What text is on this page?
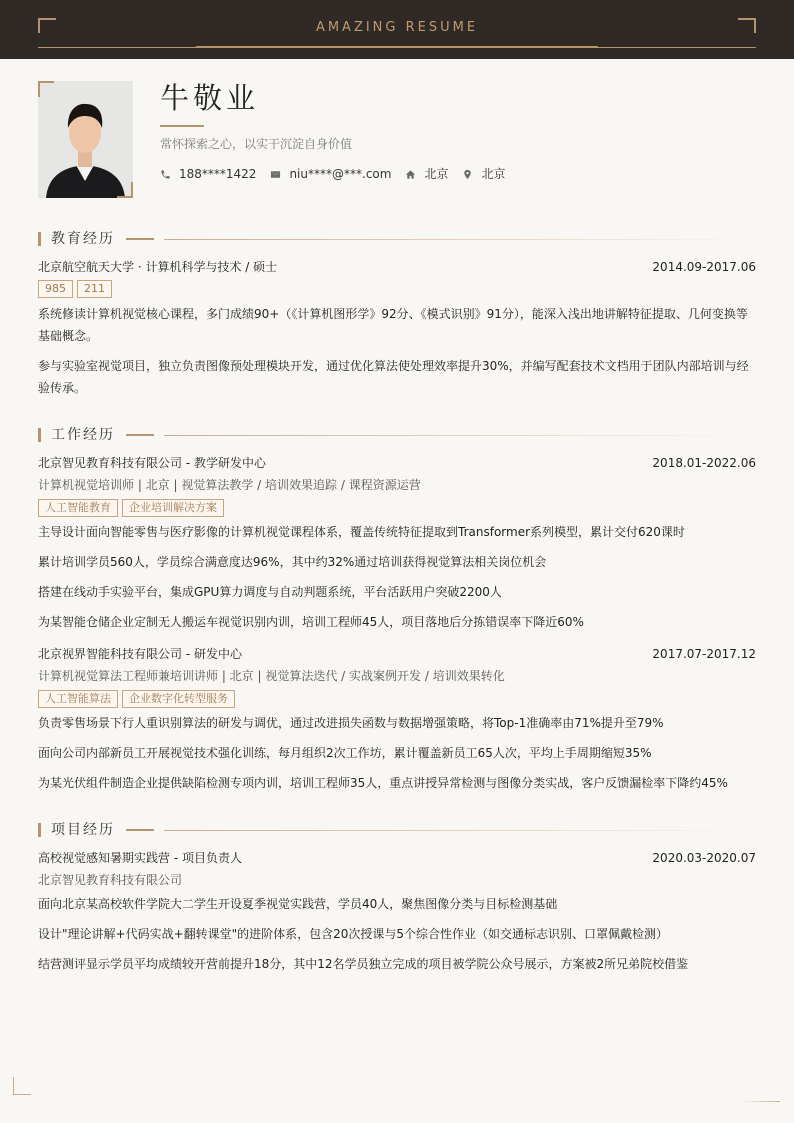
AMAZING RESUME
牛敬业
常怀探索之心，以实干沉淀自身价值
188****1422	niu****@***.com	北京	北京
教育经历
北京航空航天大学 · 计算机科学与技术 / 硕士	2014.09-2017.06
985	211
系统修读计算机视觉核心课程，多门成绩90+（《计算机图形学》92分、《模式识别》91分），能深入浅出地讲解特征提取、几何变换等基础概念。
参与实验室视觉项目，独立负责图像预处理模块开发，通过优化算法使处理效率提升30%，并编写配套技术文档用于团队内部培训与经验传承。
工作经历
北京智见教育科技有限公司 - 教学研发中心	2018.01-2022.06
计算机视觉培训师 | 北京 | 视觉算法教学 / 培训效果追踪 / 课程资源运营
人工智能教育	企业培训解决方案
主导设计面向智能零售与医疗影像的计算机视觉课程体系，覆盖传统特征提取到Transformer系列模型，累计交付620课时
累计培训学员560人，学员综合满意度达96%，其中约32%通过培训获得视觉算法相关岗位机会
搭建在线动手实验平台，集成GPU算力调度与自动判题系统，平台活跃用户突破2200人
为某智能仓储企业定制无人搬运车视觉识别内训，培训工程师45人，项目落地后分拣错误率下降近60%
北京视界智能科技有限公司 - 研发中心	2017.07-2017.12
计算机视觉算法工程师兼培训讲师 | 北京 | 视觉算法迭代 / 实战案例开发 / 培训效果转化
人工智能算法	企业数字化转型服务
负责零售场景下行人重识别算法的研发与调优，通过改进损失函数与数据增强策略，将Top-1准确率由71%提升至79%
面向公司内部新员工开展视觉技术强化训练，每月组织2次工作坊，累计覆盖新员工65人次，平均上手周期缩短35%
为某光伏组件制造企业提供缺陷检测专项内训，培训工程师35人，重点讲授异常检测与图像分类实战，客户反馈漏检率下降约45%
项目经历
高校视觉感知暑期实践营 - 项目负责人	2020.03-2020.07
北京智见教育科技有限公司
面向北京某高校软件学院大二学生开设夏季视觉实践营，学员40人，聚焦图像分类与目标检测基础
设计"理论讲解+代码实战+翻转课堂"的进阶体系，包含20次授课与5个综合性作业（如交通标志识别、口罩佩戴检测）
结营测评显示学员平均成绩较开营前提升18分，其中12名学员独立完成的项目被学院公众号展示，方案被2所兄弟院校借鉴
